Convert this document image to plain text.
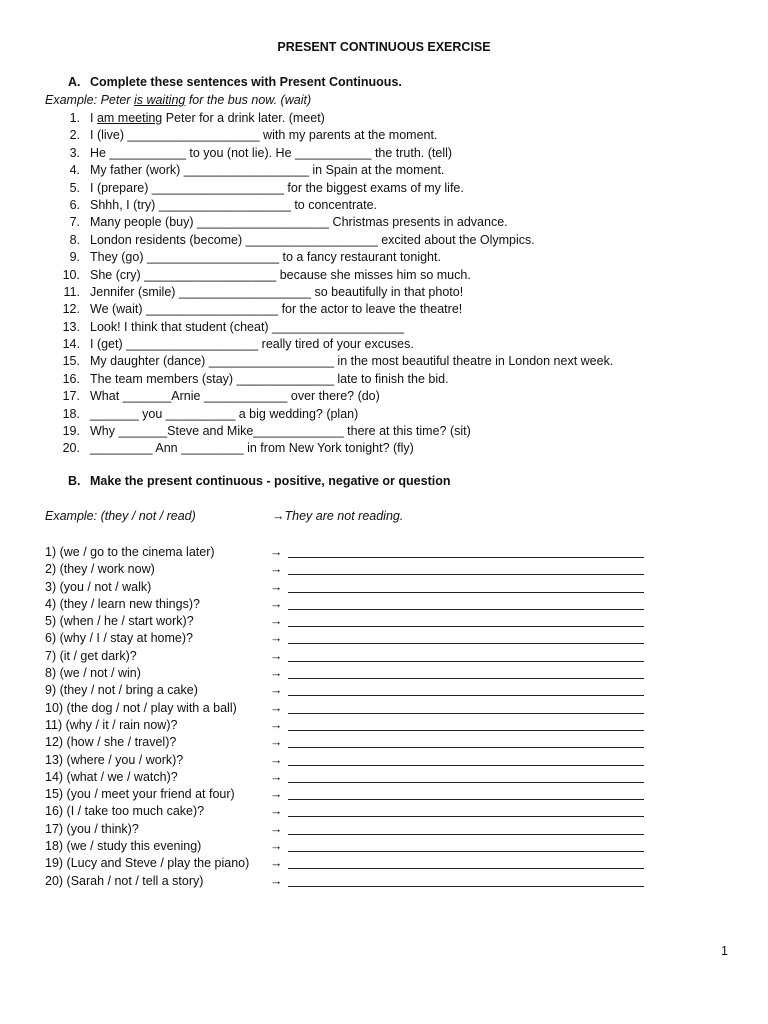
PRESENT CONTINUOUS EXERCISE
A. Complete these sentences with Present Continuous.
Example: Peter is waiting for the bus now. (wait)
1. I am meeting Peter for a drink later. (meet)
2. I (live) ___________________ with my parents at the moment.
3. He ___________ to you (not lie). He ___________ the truth. (tell)
4. My father (work) __________________ in Spain at the moment.
5. I (prepare) ___________________ for the biggest exams of my life.
6. Shhh, I (try) ___________________ to concentrate.
7. Many people (buy) ___________________ Christmas presents in advance.
8. London residents (become) ___________________ excited about the Olympics.
9. They (go) ___________________ to a fancy restaurant tonight.
10. She (cry) ___________________ because she misses him so much.
11. Jennifer (smile) ___________________ so beautifully in that photo!
12. We (wait) ___________________ for the actor to leave the theatre!
13. Look! I think that student (cheat) ___________________
14. I (get) ___________________ really tired of your excuses.
15. My daughter (dance) __________________ in the most beautiful theatre in London next week.
16. The team members (stay) ______________ late to finish the bid.
17. What _______Arnie ____________ over there? (do)
18. _______ you __________ a big wedding? (plan)
19. Why _______Steve and Mike_____________ there at this time? (sit)
20. _________ Ann _________ in from New York tonight? (fly)
B. Make the present continuous - positive, negative or question
Example: (they / not / read)	→They are not reading.
1) (we / go to the cinema later)	→
2) (they / work now)	→
3) (you / not / walk)	→
4) (they / learn new things)?	→
5) (when / he / start work)?	→
6) (why / I / stay at home)?	→
7) (it / get dark)?	→
8) (we / not / win)	→
9) (they / not / bring a cake)	→
10) (the dog / not / play with a ball)	→
11) (why / it / rain now)?	→
12) (how / she / travel)?	→
13) (where / you / work)?	→
14) (what / we / watch)?	→
15) (you / meet your friend at four)	→
16) (I / take too much cake)?	→
17) (you / think)?	→
18) (we / study this evening)	→
19) (Lucy and Steve / play the piano) →
20) (Sarah / not / tell a story)	→
1
